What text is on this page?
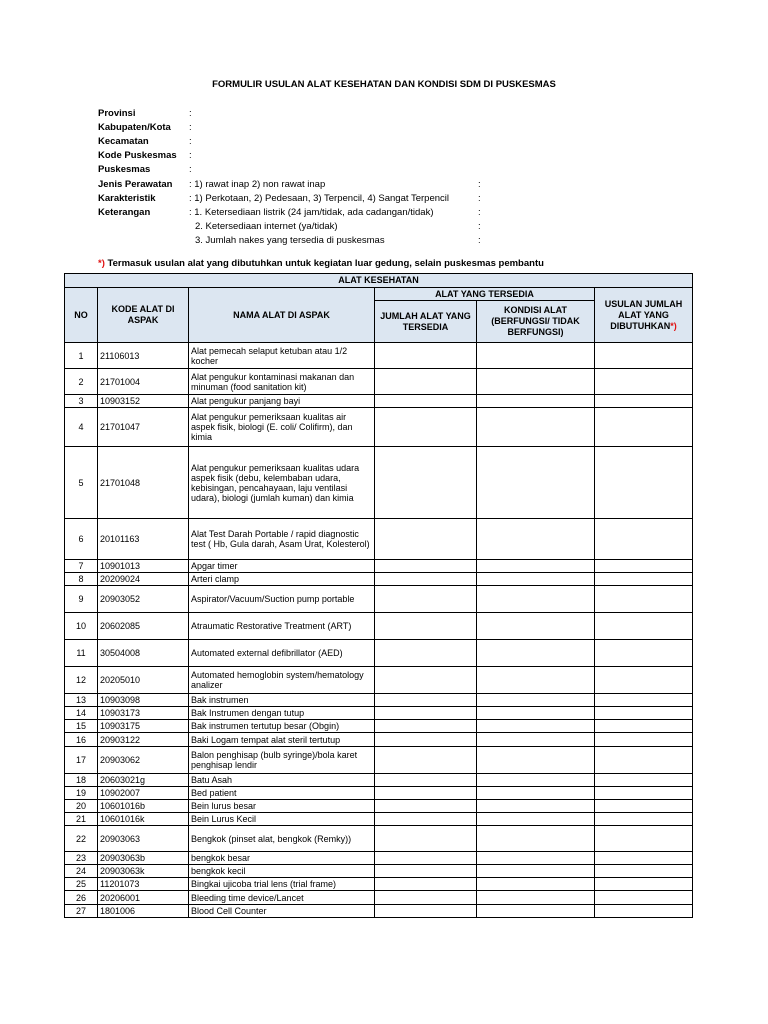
FORMULIR USULAN ALAT KESEHATAN DAN KONDISI SDM DI PUSKESMAS
Provinsi	:
Kabupaten/Kota :
Kecamatan	:
Kode Puskesmas :
Puskesmas	:
Jenis Perawatan : 1) rawat inap 2) non rawat inap	:
Karakteristik	: 1) Perkotaan, 2) Pedesaan, 3) Terpencil, 4) Sangat Terpencil	:
Keterangan	: 1. Ketersediaan listrik (24 jam/tidak, ada cadangan/tidak)	:
2. Ketersediaan internet (ya/tidak)	:
3. Jumlah nakes yang tersedia di puskesmas	:
*) Termasuk usulan alat yang dibutuhkan untuk kegiatan luar gedung, selain puskesmas pembantu
ALAT KESEHATAN					
NO	KODE ALAT DI ASPAK	NAMA ALAT DI ASPAK	ALAT YANG TERSEDIA		USULAN JUMLAH ALAT YANG DIBUTUHKAN*)
			JUMLAH ALAT YANG TERSEDIA	KONDISI ALAT (BERFUNGSI/ TIDAK BERFUNGSI)	
1	21106013	Alat pemecah selaput ketuban atau 1/2 kocher			
2	21701004	Alat pengukur kontaminasi makanan dan minuman (food sanitation kit)			
3	10903152	Alat pengukur panjang bayi			
4	21701047	Alat pengukur pemeriksaan kualitas air aspek fisik, biologi (E. coli/ Colifirm), dan kimia			
5	21701048	Alat pengukur pemeriksaan kualitas udara aspek fisik (debu, kelembaban udara, kebisingan, pencahayaan, laju ventilasi udara), biologi (jumlah kuman) dan kimia			
6	20101163	Alat Test Darah Portable / rapid diagnostic test ( Hb, Gula darah, Asam Urat, Kolesterol)			
7	10901013	Apgar timer			
8	20209024	Arteri clamp			
9	20903052	Aspirator/Vacuum/Suction pump portable			
10	20602085	Atraumatic Restorative Treatment (ART)			
11	30504008	Automated external defibrillator (AED)			
12	20205010	Automated hemoglobin system/hematology analizer			
13	10903098	Bak instrumen			
14	10903173	Bak Instrumen dengan tutup			
15	10903175	Bak instrumen tertutup besar (Obgin)			
16	20903122	Baki Logam tempat alat steril tertutup			
17	20903062	Balon penghisap (bulb syringe)/bola karet penghisap lendir			
18	20603021g	Batu Asah			
19	10902007	Bed patient			
20	10601016b	Bein lurus besar			
21	10601016k	Bein Lurus Kecil			
22	20903063	Bengkok (pinset alat, bengkok (Remky))			
23	20903063b	bengkok besar			
24	20903063k	bengkok kecil			
25	11201073	Bingkai ujicoba trial lens (trial frame)			
26	20206001	Bleeding time device/Lancet			
27	1801006	Blood Cell Counter			
